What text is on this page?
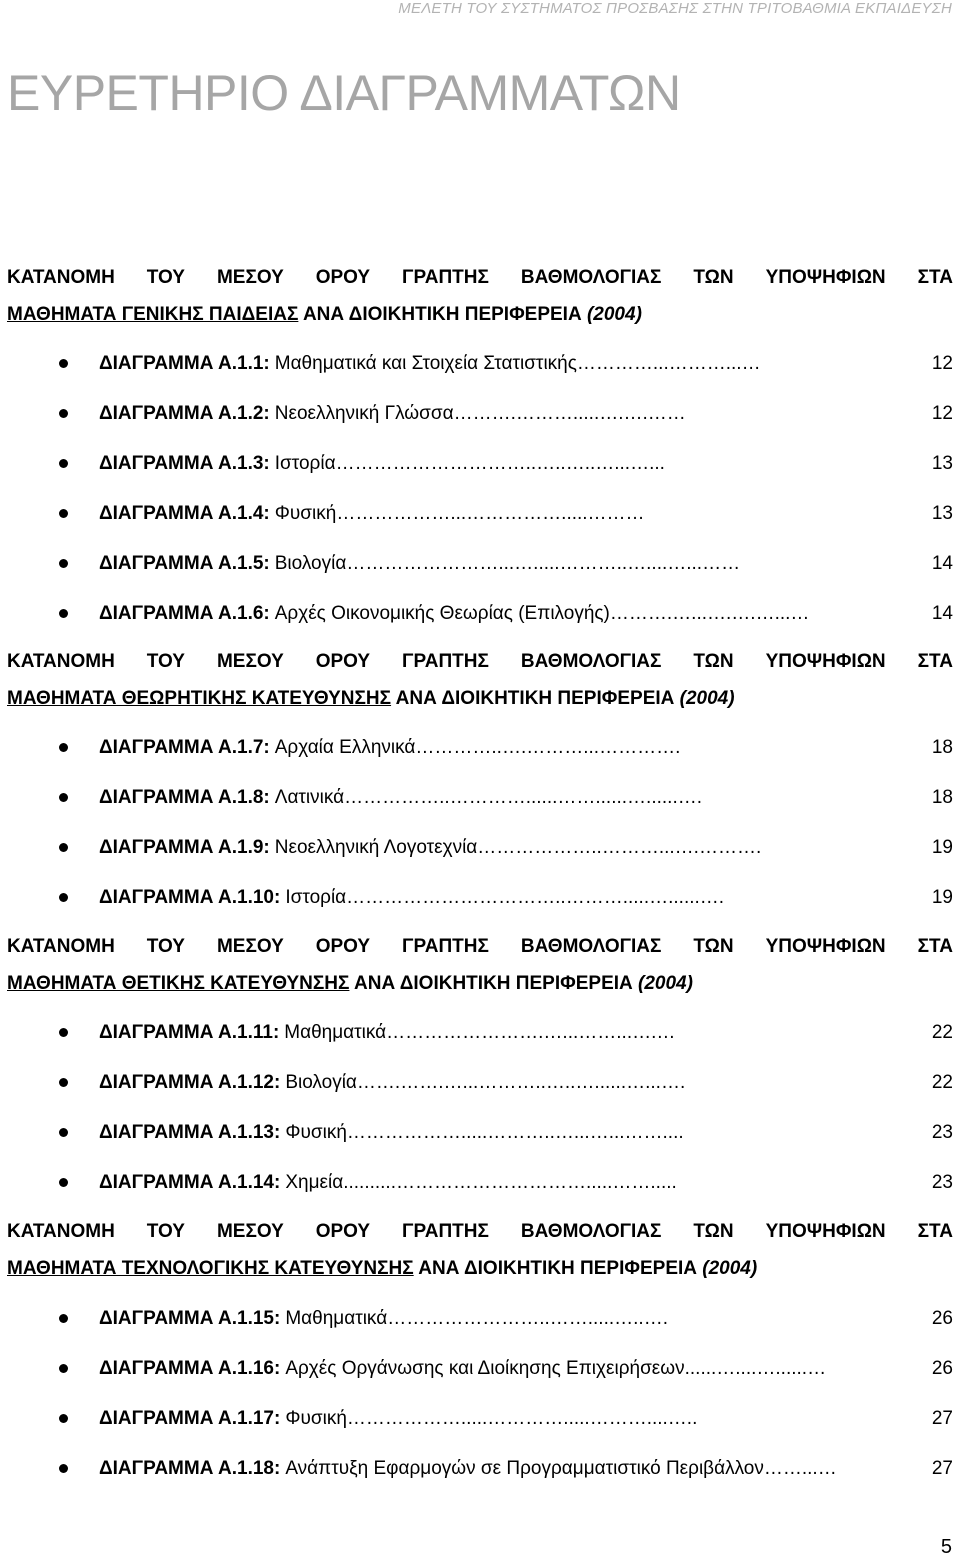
ΜΕΛΕΤΗ ΤΟΥ ΣΥΣΤΗΜΑΤΟΣ ΠΡΟΣΒΑΣΗΣ ΣΤΗΝ ΤΡΙΤΟΒΑΘΜΙΑ ΕΚΠΑΙΔΕΥΣΗ
ΕΥΡΕΤΗΡΙΟ ΔΙΑΓΡΑΜΜΑΤΩΝ
ΚΑΤΑΝΟΜΗ ΤΟΥ ΜΕΣΟΥ ΟΡΟΥ ΓΡΑΠΤΗΣ ΒΑΘΜΟΛΟΓΙΑΣ ΤΩΝ ΥΠΟΨΗΦΙΩΝ ΣΤΑ
ΜΑΘΗΜΑΤΑ ΓΕΝΙΚΗΣ ΠΑΙΔΕΙΑΣ ΑΝΑ ΔΙΟΙΚΗΤΙΚΗ ΠΕΡΙΦΕΡΕΙΑ (2004)
ΔΙΑΓΡΑΜΜΑ Α.1.1: Μαθηματικά και Στοιχεία Στατιστικής …………...………...…	12
ΔΙΑΓΡΑΜΜΑ Α.1.2: Νεοελληνική Γλώσσα ……….……….....….….……	12
ΔΙΑΓΡΑΜΜΑ Α.1.3: Ιστορία …………………………..…..…..…...…...	13
ΔΙΑΓΡΑΜΜΑ Α.1.4: Φυσική ………………...…………….....………	13
ΔΙΑΓΡΑΜΜΑ Α.1.5: Βιολογία ……………………...….....………..…....…...……	14
ΔΙΑΓΡΑΜΜΑ Α.1.6: Αρχές Οικονομικής Θεωρίας (Επιλογής) ……….…...….….…...…	14
ΚΑΤΑΝΟΜΗ ΤΟΥ ΜΕΣΟΥ ΟΡΟΥ ΓΡΑΠΤΗΣ ΒΑΘΜΟΛΟΓΙΑΣ ΤΩΝ ΥΠΟΨΗΦΙΩΝ ΣΤΑ
ΜΑΘΗΜΑΤΑ ΘΕΩΡΗΤΙΚΗΣ ΚΑΤΕΥΘΥΝΣΗΣ ΑΝΑ ΔΙΟΙΚΗΤΙΚΗ ΠΕΡΙΦΕΡΕΙΑ (2004)
ΔΙΑΓΡΑΜΜΑ Α.1.7: Αρχαία Ελληνικά …………..….………...………….	18
ΔΙΑΓΡΑΜΜΑ Α.1.8: Λατινικά ……………..…………......……......…......….	18
ΔΙΑΓΡΑΜΜΑ Α.1.9: Νεοελληνική Λογοτεχνία ………………..………...….……….	19
ΔΙΑΓΡΑΜΜΑ Α.1.10: Ιστορία ……………………………..……….....…......….	19
ΚΑΤΑΝΟΜΗ ΤΟΥ ΜΕΣΟΥ ΟΡΟΥ ΓΡΑΠΤΗΣ ΒΑΘΜΟΛΟΓΙΑΣ ΤΩΝ ΥΠΟΨΗΦΙΩΝ ΣΤΑ
ΜΑΘΗΜΑΤΑ ΘΕΤΙΚΗΣ ΚΑΤΕΥΘΥΝΣΗΣ ΑΝΑ ΔΙΟΙΚΗΤΙΚΗ ΠΕΡΙΦΕΡΕΙΑ (2004)
ΔΙΑΓΡΑΜΜΑ Α.1.11: Μαθηματικά …………………….…...……...….…	22
ΔΙΑΓΡΑΜΜΑ Α.1.12: Βιολογία …….…….…...………..…..…......…...….	22
ΔΙΑΓΡΑΜΜΑ Α.1.13: Φυσική ……………….....………..…...…...……....	23
ΔΙΑΓΡΑΜΜΑ Α.1.14: Χημεία ..........………………………….....…….....	23
ΚΑΤΑΝΟΜΗ ΤΟΥ ΜΕΣΟΥ ΟΡΟΥ ΓΡΑΠΤΗΣ ΒΑΘΜΟΛΟΓΙΑΣ ΤΩΝ ΥΠΟΨΗΦΙΩΝ ΣΤΑ
ΜΑΘΗΜΑΤΑ ΤΕΧΝΟΛΟΓΙΚΗΣ ΚΑΤΕΥΘΥΝΣΗΣ ΑΝΑ ΔΙΟΙΚΗΤΙΚΗ ΠΕΡΙΦΕΡΕΙΑ (2004)
ΔΙΑΓΡΑΜΜΑ Α.1.15: Μαθηματικά ……………………..…….....…..….	26
ΔΙΑΓΡΑΜΜΑ Α.1.16: Αρχές Οργάνωσης και Διοίκησης Επιχειρήσεων ......…....…......…	26
ΔΙΑΓΡΑΜΜΑ Α.1.17: Φυσική ……………….....………….....………....…..	27
ΔΙΑΓΡΑΜΜΑ Α.1.18: Ανάπτυξη Εφαρμογών σε Προγραμματιστικό Περιβάλλον ……...…	27
5
